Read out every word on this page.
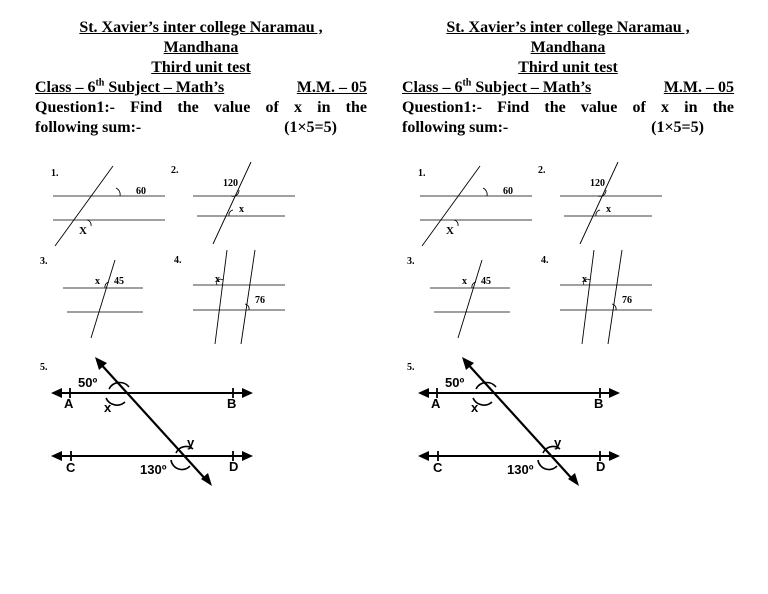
St. Xavier’s inter college Naramau ,
Mandhana
Third unit test
Class – 6th Subject – Math’s	M.M. – 05
Question1:- Find the value of x in the
following sum:-	(1×5=5)
1.
60
X
2.
120
x
3.
x 45
4.
x
76
5.
50º
A x	B
y
C	130º	D
St. Xavier’s inter college Naramau ,
Mandhana
Third unit test
Class – 6th Subject – Math’s	M.M. – 05
Question1:- Find the value of x in the
following sum:-	(1×5=5)
1.
60
X
2.
120
x
3.
x 45
4.
x
76
5.
50º
A x	B
y
C	130º	D
